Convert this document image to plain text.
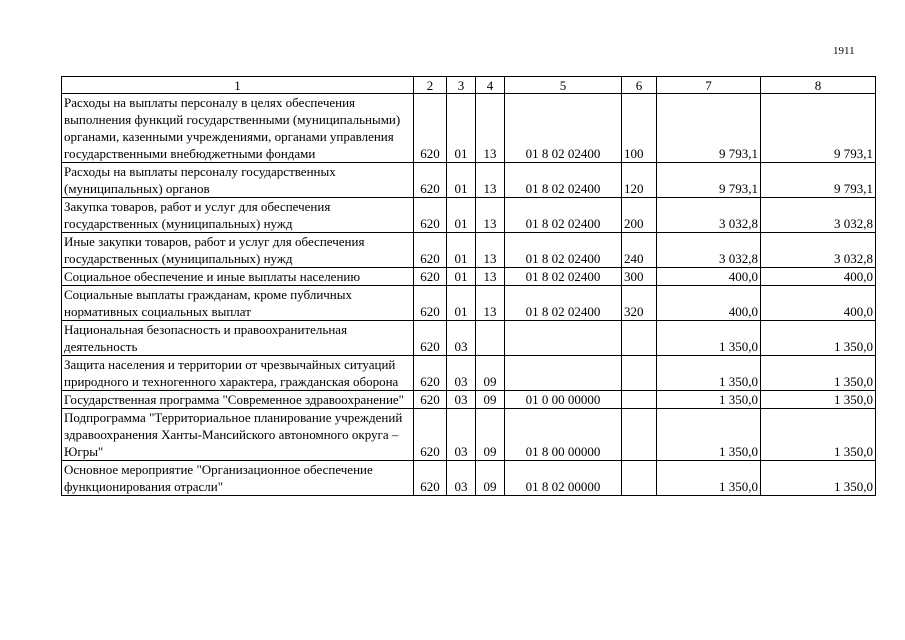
1911
1	2	3	4	5	6	7	8
Расходы на выплаты персоналу в целях обеспечения выполнения функций государственными (муниципальными) органами, казенными учреждениями, органами управления государственными внебюджетными фондами	620	01	13	01 8 02 02400	100	9 793,1	9 793,1
Расходы на выплаты персоналу государственных (муниципальных) органов	620	01	13	01 8 02 02400	120	9 793,1	9 793,1
Закупка товаров, работ и услуг для обеспечения государственных (муниципальных) нужд	620	01	13	01 8 02 02400	200	3 032,8	3 032,8
Иные закупки товаров, работ и услуг для обеспечения государственных (муниципальных) нужд	620	01	13	01 8 02 02400	240	3 032,8	3 032,8
Социальное обеспечение и иные выплаты населению	620	01	13	01 8 02 02400	300	400,0	400,0
Социальные выплаты гражданам, кроме публичных нормативных социальных выплат	620	01	13	01 8 02 02400	320	400,0	400,0
Национальная безопасность и правоохранительная деятельность	620	03				1 350,0	1 350,0
Защита населения и территории от чрезвычайных ситуаций природного и техногенного характера, гражданская оборона	620	03	09			1 350,0	1 350,0
Государственная программа "Современное здравоохранение"	620	03	09	01 0 00 00000		1 350,0	1 350,0
Подпрограмма "Территориальное планирование учреждений здравоохранения Ханты-Мансийского автономного округа – Югры"	620	03	09	01 8 00 00000		1 350,0	1 350,0
Основное мероприятие "Организационное обеспечение функционирования отрасли"	620	03	09	01 8 02 00000		1 350,0	1 350,0
